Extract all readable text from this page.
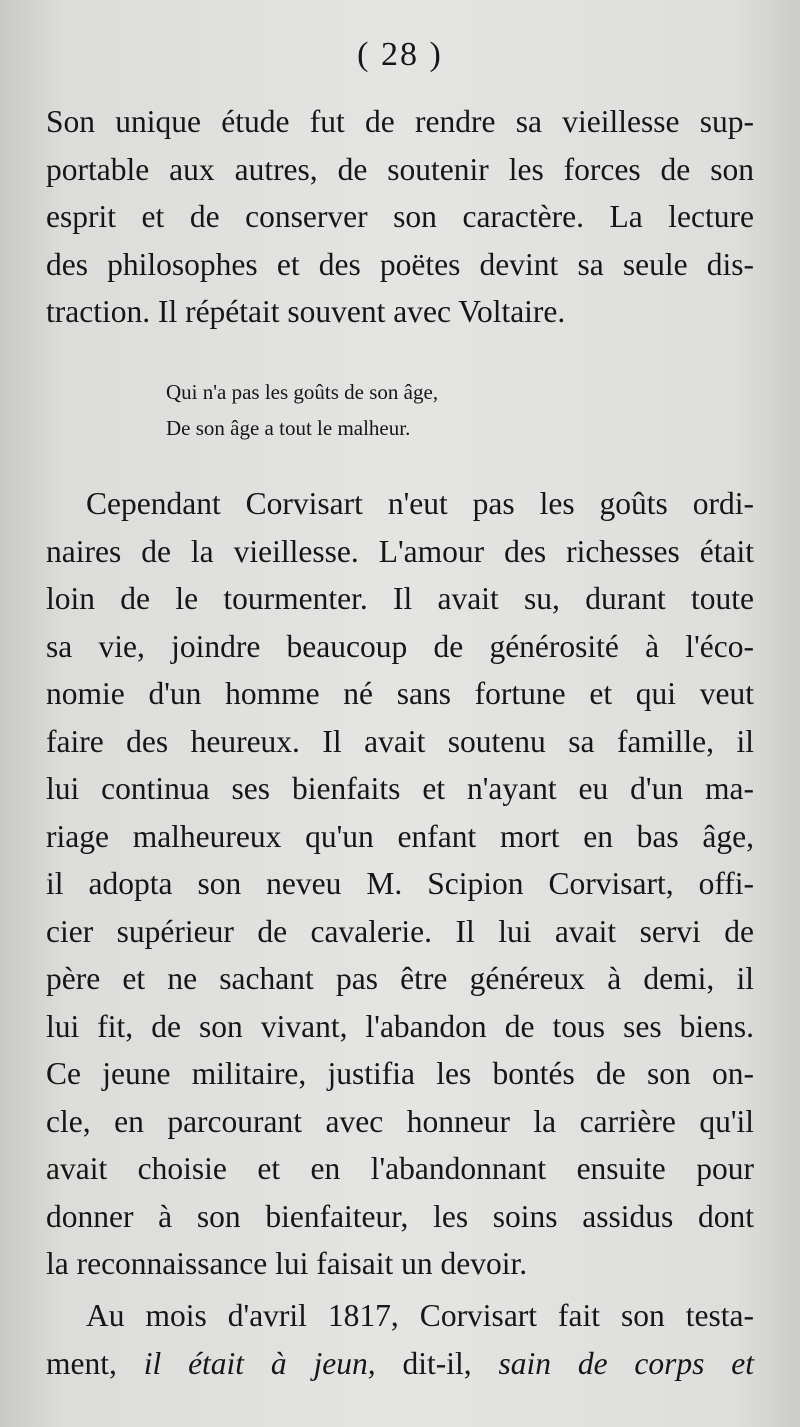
( 28 )
Son unique étude fut de rendre sa vieillesse sup-
portable aux autres, de soutenir les forces de son
esprit et de conserver son caractère. La lecture
des philosophes et des poëtes devint sa seule dis-
traction. Il répétait souvent avec Voltaire.
Qui n'a pas les goûts de son âge,
De son âge a tout le malheur.
Cependant Corvisart n'eut pas les goûts ordi-
naires de la vieillesse. L'amour des richesses était
loin de le tourmenter. Il avait su, durant toute
sa vie, joindre beaucoup de générosité à l'éco-
nomie d'un homme né sans fortune et qui veut
faire des heureux. Il avait soutenu sa famille, il
lui continua ses bienfaits et n'ayant eu d'un ma-
riage malheureux qu'un enfant mort en bas âge,
il adopta son neveu M. Scipion Corvisart, offi-
cier supérieur de cavalerie. Il lui avait servi de
père et ne sachant pas être généreux à demi, il
lui fit, de son vivant, l'abandon de tous ses biens.
Ce jeune militaire, justifia les bontés de son on-
cle, en parcourant avec honneur la carrière qu'il
avait choisie et en l'abandonnant ensuite pour
donner à son bienfaiteur, les soins assidus dont
la reconnaissance lui faisait un devoir.
Au mois d'avril 1817, Corvisart fait son testa-
ment, il était à jeun, dit-il, sain de corps et
